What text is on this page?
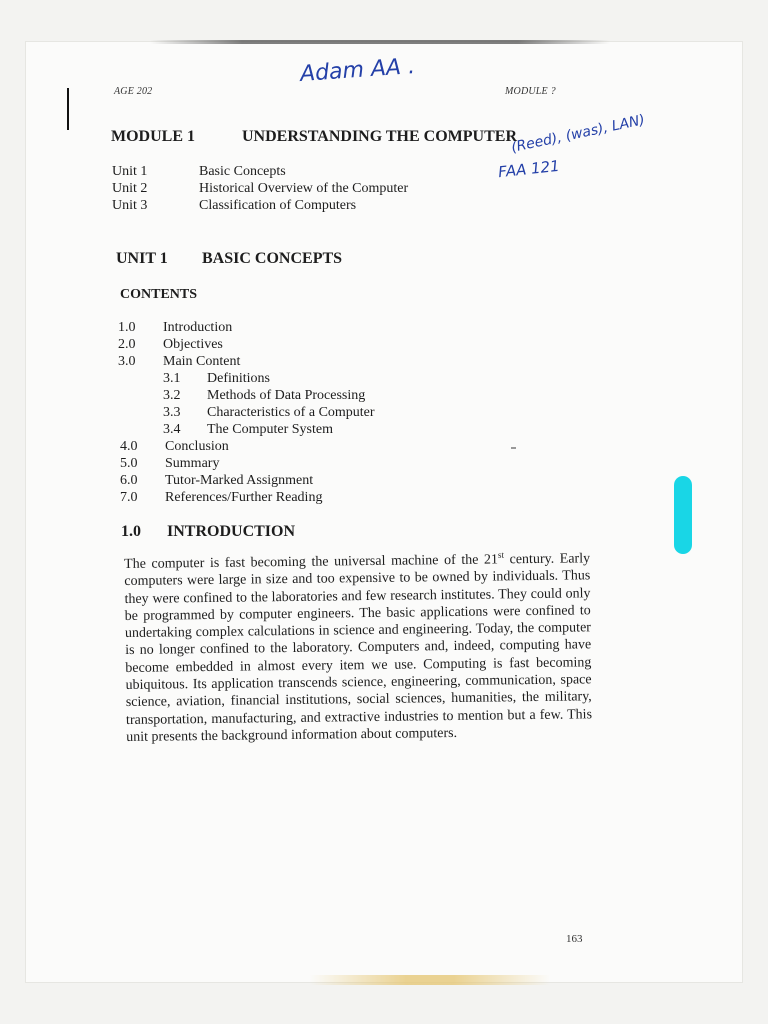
AGE 202	MODULE ?
Adam AA .
(Reed), (was), LAN)
FAA 121
MODULE 1	UNDERSTANDING THE COMPUTER
Unit 1	Basic Concepts
Unit 2	Historical Overview of the Computer
Unit 3	Classification of Computers
UNIT 1 BASIC CONCEPTS
CONTENTS
1.0 Introduction
2.0 Objectives
3.0 Main Content
3.1 Definitions
3.2 Methods of Data Processing
3.3 Characteristics of a Computer
3.4 The Computer System
4.0 Conclusion
5.0 Summary
6.0 Tutor-Marked Assignment
7.0 References/Further Reading
1.0 INTRODUCTION
The computer is fast becoming the universal machine of the 21st century. Early computers were large in size and too expensive to be owned by individuals. Thus they were confined to the laboratories and few research institutes. They could only be programmed by computer engineers. The basic applications were confined to undertaking complex calculations in science and engineering. Today, the computer is no longer confined to the laboratory. Computers and, indeed, computing have become embedded in almost every item we use. Computing is fast becoming ubiquitous. Its application transcends science, engineering, communication, space science, aviation, financial institutions, social sciences, humanities, the military, transportation, manufacturing, and extractive industries to mention but a few. This unit presents the background information about computers.
163
